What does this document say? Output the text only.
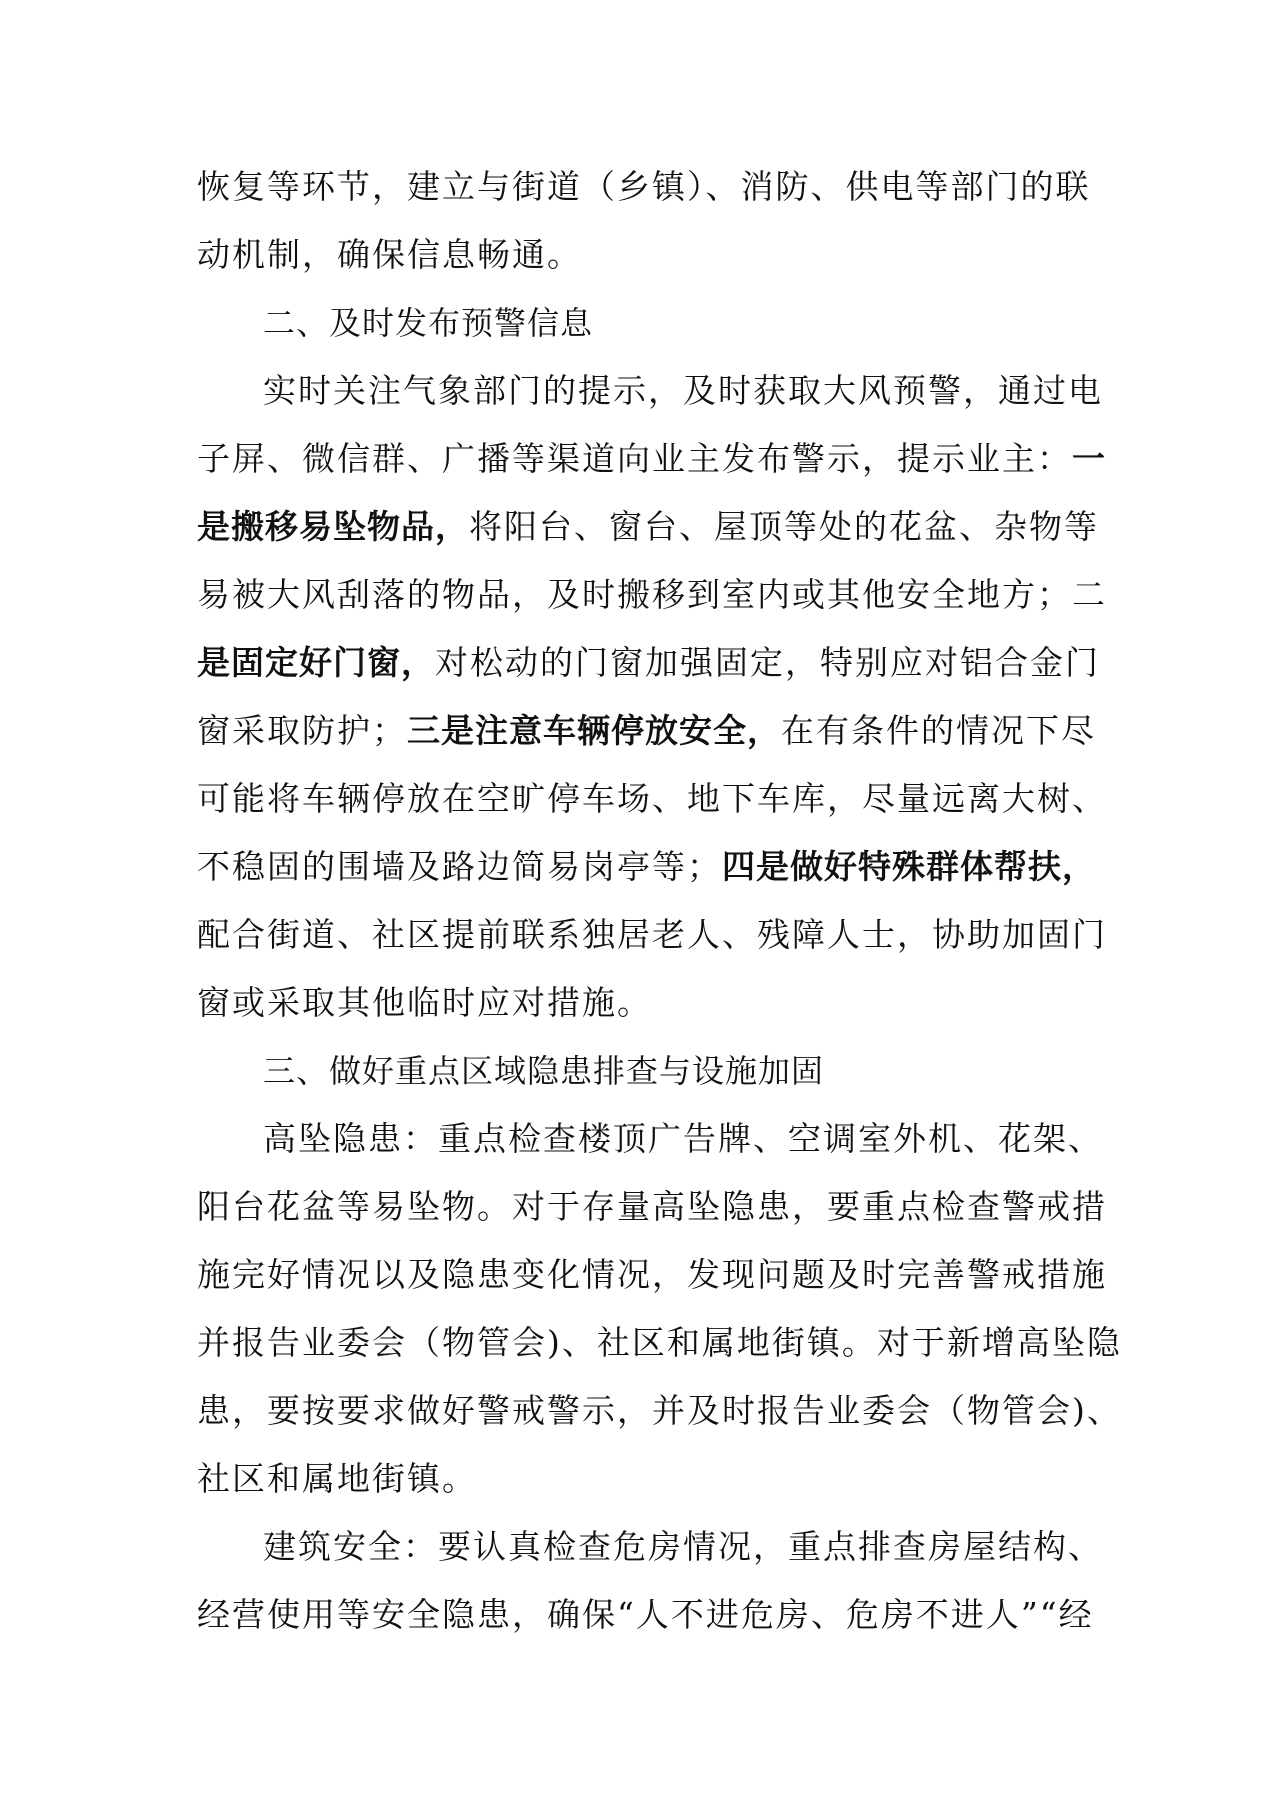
恢复等环节，建立与街道（乡镇）、消防、供电等部门的联
动机制，确保信息畅通。
二、及时发布预警信息
实时关注气象部门的提示，及时获取大风预警，通过电
子屏、微信群、广播等渠道向业主发布警示，提示业主：一
是搬移易坠物品，将阳台、窗台、屋顶等处的花盆、杂物等
易被大风刮落的物品，及时搬移到室内或其他安全地方；二
是固定好门窗，对松动的门窗加强固定，特别应对铝合金门
窗采取防护；三是注意车辆停放安全，在有条件的情况下尽
可能将车辆停放在空旷停车场、地下车库，尽量远离大树、
不稳固的围墙及路边简易岗亭等；四是做好特殊群体帮扶，
配合街道、社区提前联系独居老人、残障人士，协助加固门
窗或采取其他临时应对措施。
三、做好重点区域隐患排查与设施加固
高坠隐患：重点检查楼顶广告牌、空调室外机、花架、
阳台花盆等易坠物。对于存量高坠隐患，要重点检查警戒措
施完好情况以及隐患变化情况，发现问题及时完善警戒措施
并报告业委会（物管会)、社区和属地街镇。对于新增高坠隐
患，要按要求做好警戒警示，并及时报告业委会（物管会)、
社区和属地街镇。
建筑安全：要认真检查危房情况，重点排查房屋结构、
经营使用等安全隐患，确保“人不进危房、危房不进人”“经
